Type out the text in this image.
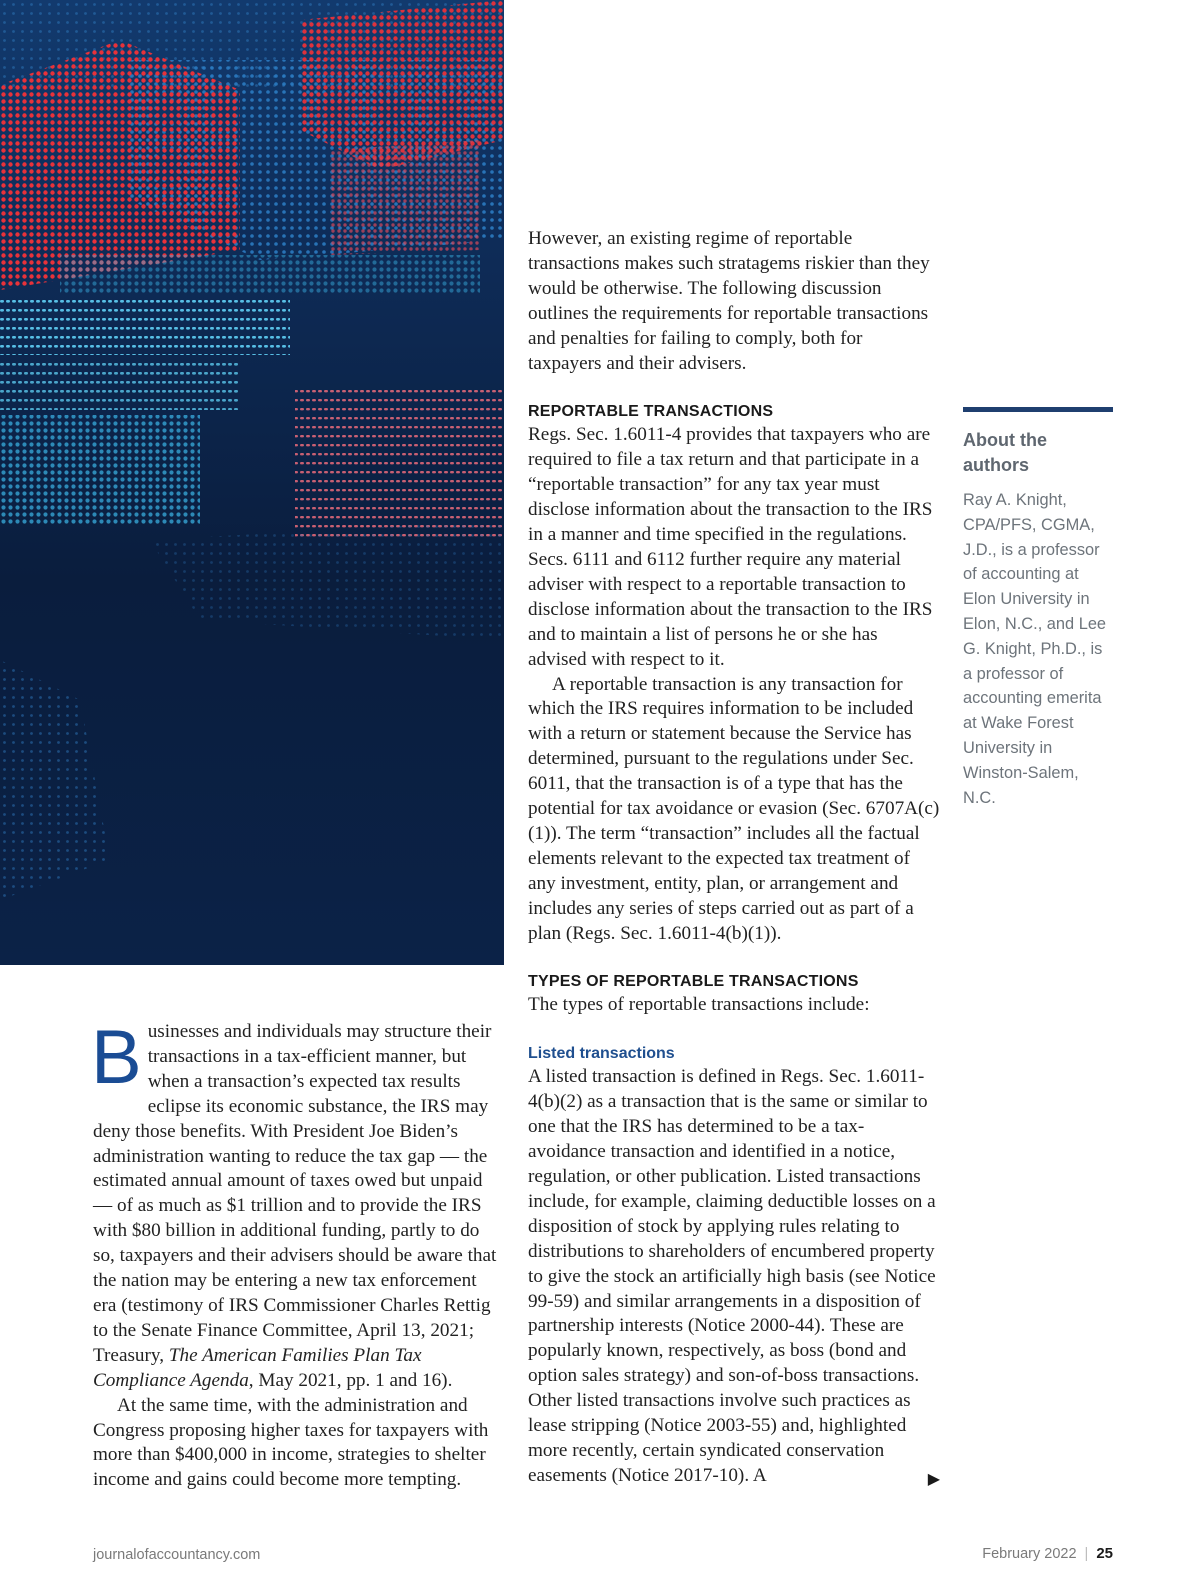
Businesses and individuals may structure their transactions in a tax-efficient manner, but when a transaction’s expected tax results eclipse its economic substance, the IRS may deny those benefits. With President Joe Biden’s administration wanting to reduce the tax gap — the estimated annual amount of taxes owed but unpaid — of as much as $1 trillion and to provide the IRS with $80 billion in additional funding, partly to do so, taxpayers and their advisers should be aware that the nation may be entering a new tax enforcement era (testimony of IRS Commissioner Charles Rettig to the Senate Finance Committee, April 13, 2021; Treasury, The American Families Plan Tax Compliance Agenda, May 2021, pp. 1 and 16).

At the same time, with the administration and Congress proposing higher taxes for taxpayers with more than $400,000 in income, strategies to shelter income and gains could become more tempting.

However, an existing regime of reportable transactions makes such stratagems riskier than they would be otherwise. The following discussion outlines the requirements for reportable transactions and penalties for failing to comply, both for taxpayers and their advisers.

REPORTABLE TRANSACTIONS

Regs. Sec. 1.6011-4 provides that taxpayers who are required to file a tax return and that participate in a “reportable transaction” for any tax year must disclose information about the transaction to the IRS in a manner and time specified in the regulations. Secs. 6111 and 6112 further require any material adviser with respect to a reportable transaction to disclose information about the transaction to the IRS and to maintain a list of persons he or she has advised with respect to it.

A reportable transaction is any transaction for which the IRS requires information to be included with a return or statement because the Service has determined, pursuant to the regulations under Sec. 6011, that the transaction is of a type that has the potential for tax avoidance or evasion (Sec. 6707A(c)(1)). The term “transaction” includes all the factual elements relevant to the expected tax treatment of any investment, entity, plan, or arrangement and includes any series of steps carried out as part of a plan (Regs. Sec. 1.6011-4(b)(1)).

TYPES OF REPORTABLE TRANSACTIONS

The types of reportable transactions include:

Listed transactions

A listed transaction is defined in Regs. Sec. 1.6011-4(b)(2) as a transaction that is the same or similar to one that the IRS has determined to be a tax-avoidance transaction and identified in a notice, regulation, or other publication. Listed transactions include, for example, claiming deductible losses on a disposition of stock by applying rules relating to distributions to shareholders of encumbered property to give the stock an artificially high basis (see Notice 99-59) and similar arrangements in a disposition of partnership interests (Notice 2000-44). These are popularly known, respectively, as boss (bond and option sales strategy) and son-of-boss transactions. Other listed transactions involve such practices as lease stripping (Notice 2003-55) and, highlighted more recently, certain syndicated conservation easements (Notice 2017-10). A	▶

About the authors

Ray A. Knight, CPA/PFS, CGMA, J.D., is a professor of accounting at Elon University in Elon, N.C., and Lee G. Knight, Ph.D., is a professor of accounting emerita at Wake Forest University in Winston-Salem, N.C.

journalofaccountancy.com	February 2022 | 25
